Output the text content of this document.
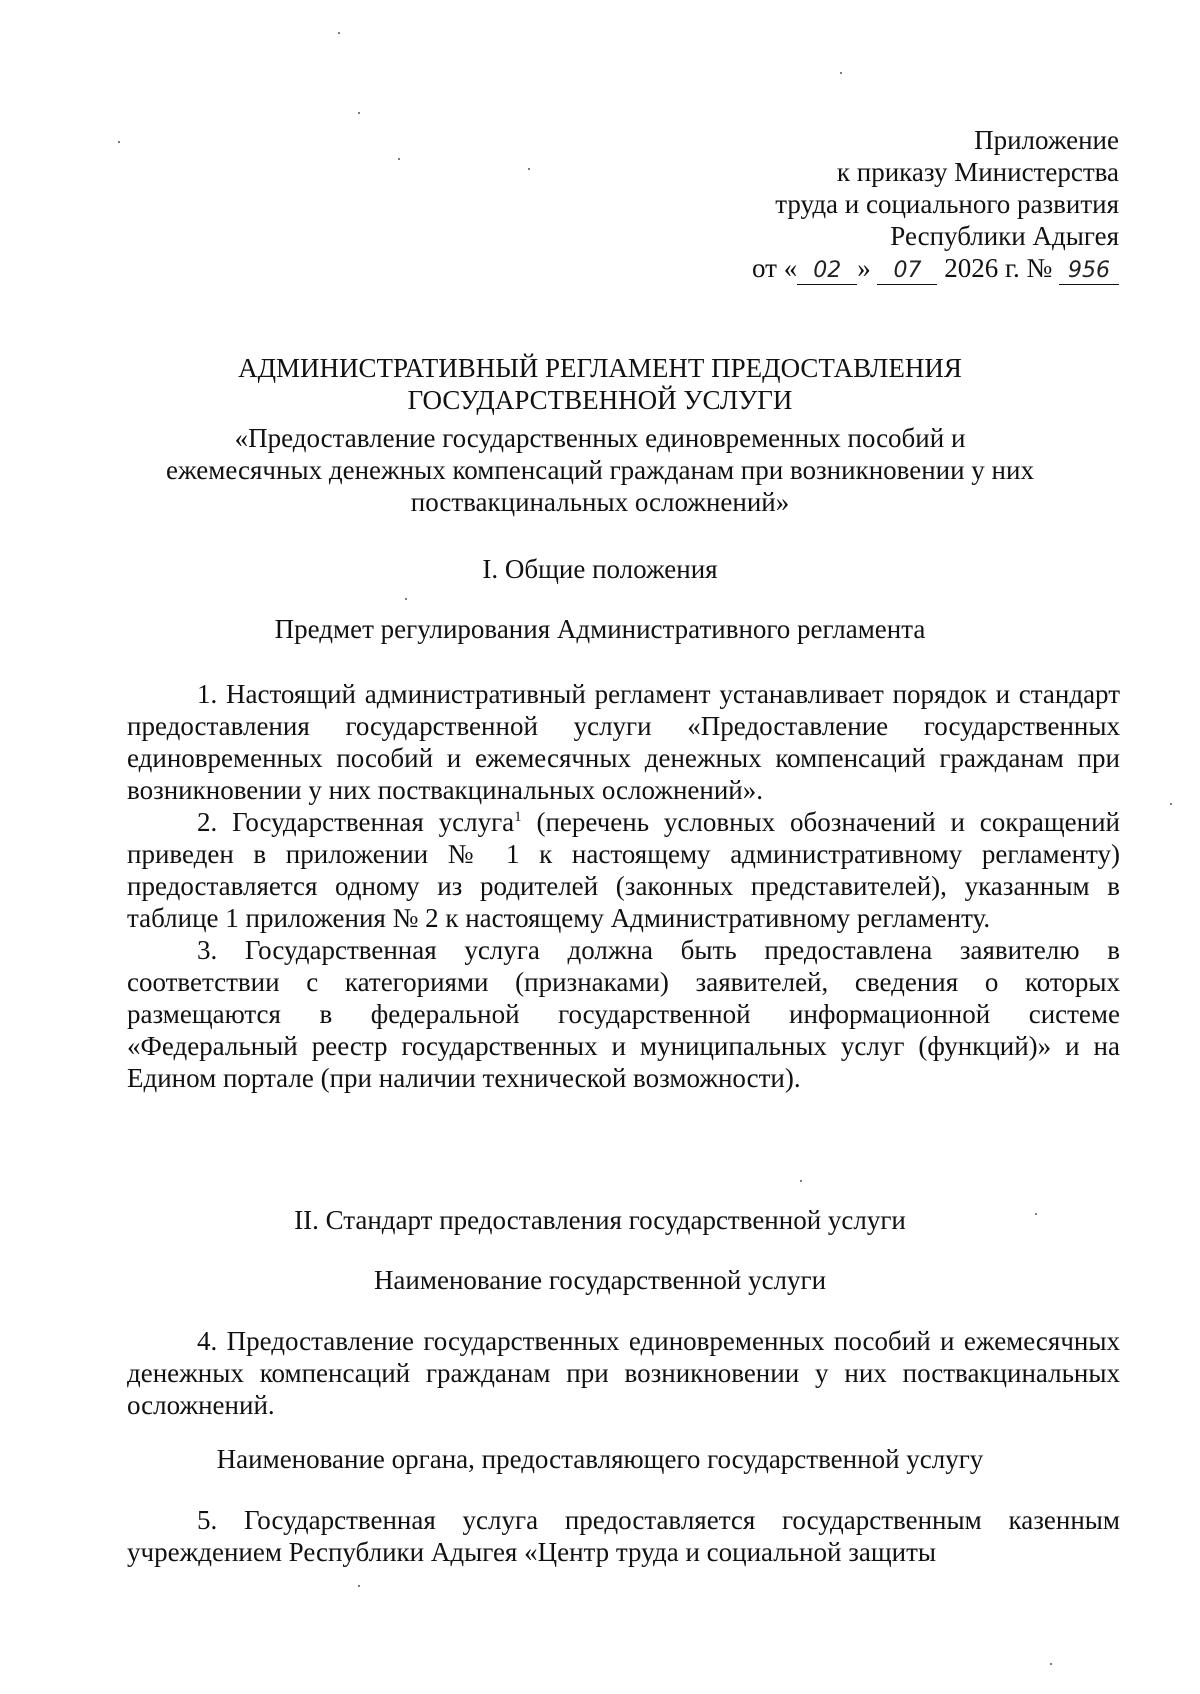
Приложение
к приказу Министерства
труда и социального развития
Республики Адыгея
от « 02 » 07 2026 г. № 956
АДМИНИСТРАТИВНЫЙ РЕГЛАМЕНТ ПРЕДОСТАВЛЕНИЯ
ГОСУДАРСТВЕННОЙ УСЛУГИ
«Предоставление государственных единовременных пособий и
ежемесячных денежных компенсаций гражданам при возникновении у них
поствакцинальных осложнений»
I. Общие положения
Предмет регулирования Административного регламента

1. Настоящий административный регламент устанавливает порядок и стандарт предоставления государственной услуги «Предоставление государственных единовременных пособий и ежемесячных денежных компенсаций гражданам при возникновении у них поствакцинальных осложнений».

2. Государственная услуга$^1$ (перечень условных обозначений и сокращений приведен в приложении № 1 к настоящему административному регламенту) предоставляется одному из родителей (законных представителей), указанным в таблице 1 приложения № 2 к настоящему Административному регламенту.

3. Государственная услуга должна быть предоставлена заявителю в соответствии с категориями (признаками) заявителей, сведения о которых размещаются в федеральной государственной информационной системе «Федеральный реестр государственных и муниципальных услуг (функций)» и на Едином портале (при наличии технической возможности).

II. Стандарт предоставления государственной услуги
Наименование государственной услуги

4. Предоставление государственных единовременных пособий и ежемесячных денежных компенсаций гражданам при возникновении у них поствакцинальных осложнений.

Наименование органа, предоставляющего государственной услугу

5. Государственная услуга предоставляется государственным казенным учреждением Республики Адыгея «Центр труда и социальной защиты
